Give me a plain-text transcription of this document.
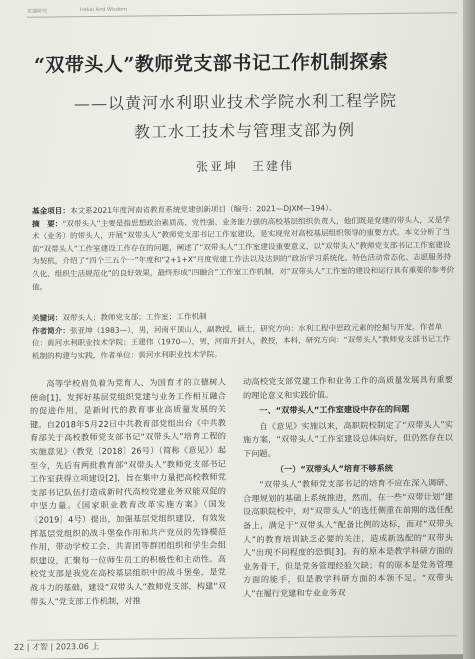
党建研究	Hekai And Wisdom
“双带头人”教师党支部书记工作机制探索
——以黄河水利职业技术学院水利工程学院
教工水工技术与管理支部为例
张亚坤　王建伟

基金项目：本文系2021年度河南省教育系统党建创新项目（编号：2021—DJXM—194）。

摘　要：“双带头人”主要是指思想政治素质高、党性强、业务能力强的高校基层组织负责人，他们既是党建的带头人，又是学术（业务）的带头人，开展“双带头人”教师党支部书记工作室建设，是实现党对高校基层组织领导的重要方式。本文分析了当前“双带头人”工作室建设工作存在的问题，阐述了“双带头人”工作室建设重要意义，以“双带头人”教师党支部书记工作室建设为契机，介绍了“四个三五个一”年度和“2+1+X”月度党建工作法以及达到的“政治学习系统化、特色活动常态化、志愿服务持久化、组织生活规范化”的良好效果，最终形成“四融合”工作室工作机制，对“双带头人”工作室的建设和运行具有重要的参考价值。

关键词：双带头人；教师党支部；工作室；工作机制

作者简介：张亚坤（1983—），男，河南平顶山人，副教授，硕士，研究方向：水利工程中思政元素的挖掘与开发。作者单位：黄河水利职业技术学院；王建伟（1970—），男，河南开封人，教授，本科，研究方向：“双带头人”教师党支部书记工作机制的构建与实践，作者单位：黄河水利职业技术学院。

高等学校肩负着为党育人、为国育才的立德树人使命[1]。发挥好基层党组织党建与业务工作相互融合的促进作用，是新时代的教育事业高质量发展的关键。自2018年5月22日中共教育部党组出台《中共教育部关于高校教师党支部书记“双带头人”培育工程的实施意见》（教党〔2018〕26号）（简称《意见》）起至今，先后有两批教育部“双带头人”教师党支部书记工作室获得立项建设[2]，旨在集中力量把高校教师党支部书记队伍打造成新时代高校党建业务双能双促的中坚力量。《国家职业教育改革实施方案》（国发〔2019〕4号）提出，加强基层党组织建设，有效发挥基层党组织的战斗堡垒作用和共产党员的先锋模范作用，带动学校工会、共青团等群团组织和学生会组织建设，汇聚每一位师生员工的积极性和主动性。高校党支部是我党在高校基层组织中的战斗堡垒，是党战斗力的基础，建设“双带头人”教师党支部，构建“双带头人”党支部工作机制，对推

动高校党支部党建工作和业务工作的高质量发展具有重要的理论意义和实践价值。

一、“双带头人”工作室建设中存在的问题

自《意见》实施以来，高职院校制定了“双带头人”实施方案，“双带头人”工作室建设总体向好，但仍然存在以下问题。

（一）“双带头人”培育不够系统

“双带头人”教师党支部书记的培育不应在深入调研、合理规划的基础上系统推进，然而，在一些“双带计划”建设高职院校中，对“双带头人”的选任侧重在前期的选任配备上，满足于“双带头人”配备比例的达标，而对“双带头人”的教育培训缺乏必要的关注，造成新选配的“双带头人”出现不同程度的恐惧[3]。有的原本是教学科研方面的业务骨干，但是党务管理经验欠缺；有的原本是党务管理方面的能手，但是教学科研方面的本领不足。“双带头人”在履行党建和专业业务双

22 | 才智 | 2023.06 上
